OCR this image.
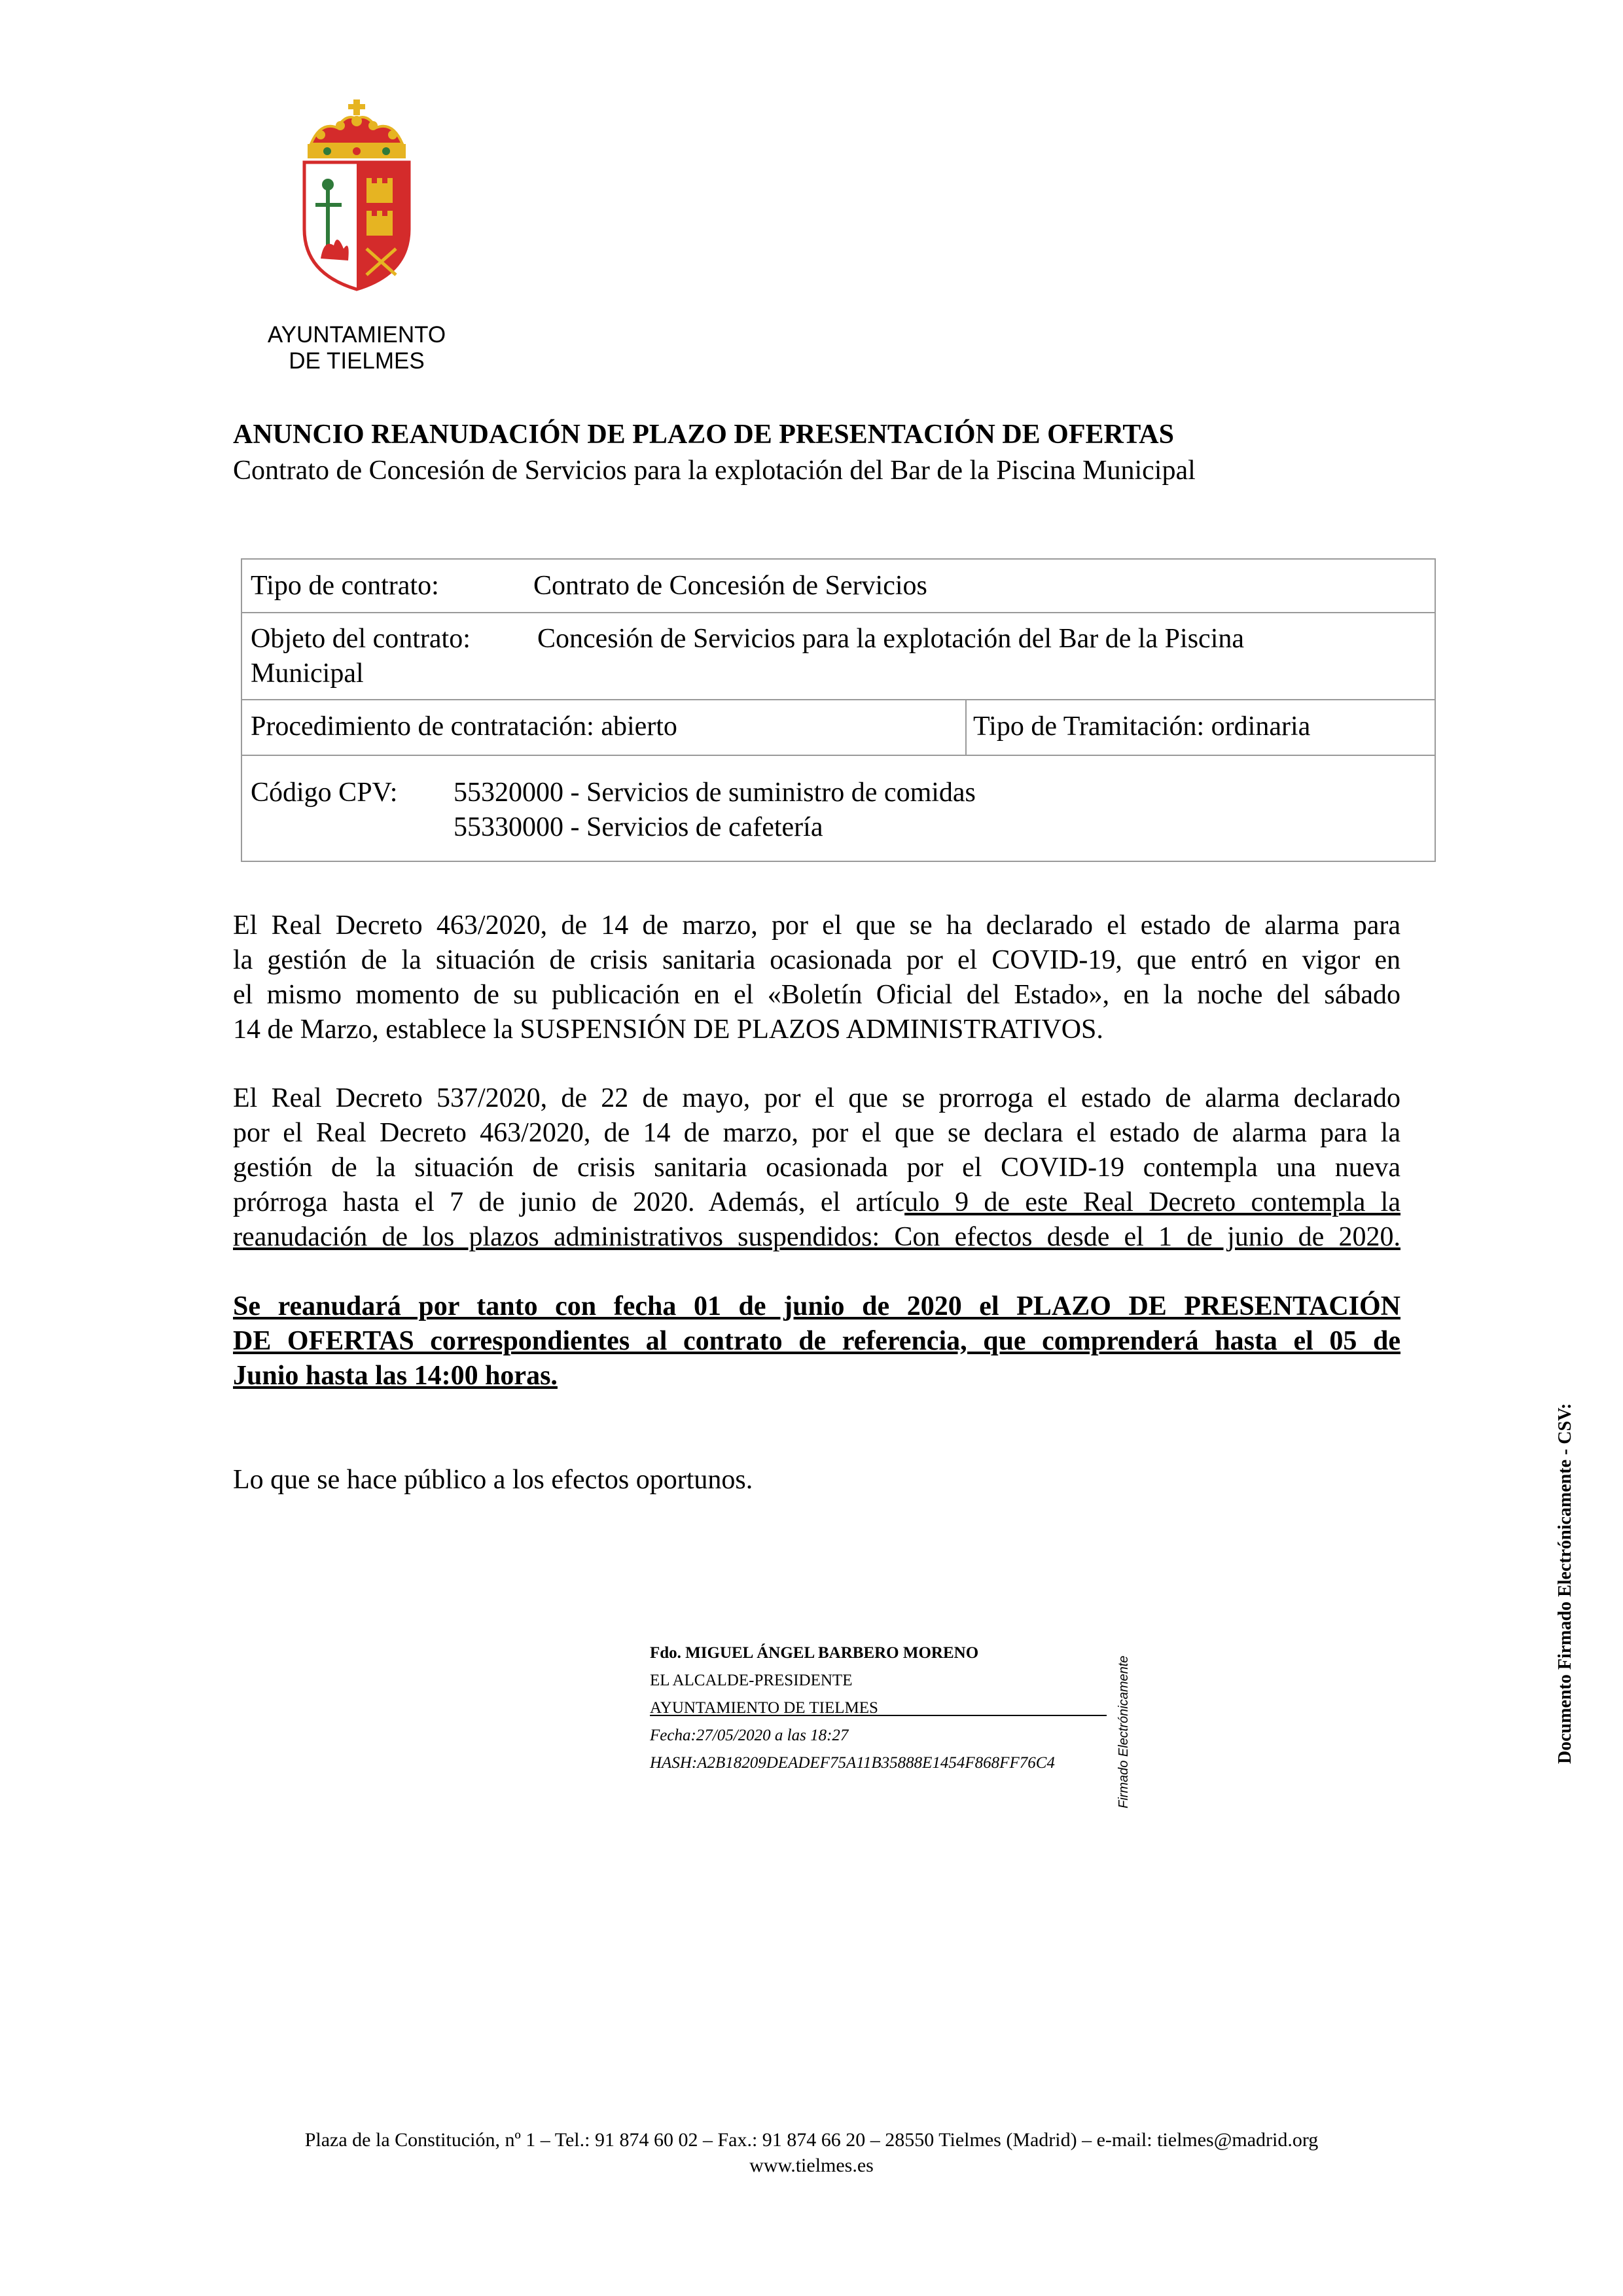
AYUNTAMIENTO
DE TIELMES
ANUNCIO REANUDACIÓN DE PLAZO DE PRESENTACIÓN DE OFERTAS
Contrato de Concesión de Servicios para la explotación del Bar de la Piscina Municipal
Tipo de contrato:	Contrato de Concesión de Servicios
Objeto del contrato: Concesión de Servicios para la explotación del Bar de la Piscina
Municipal
Procedimiento de contratación: abierto	Tipo de Tramitación: ordinaria
Código CPV: 55320000 - Servicios de suministro de comidas
55330000 - Servicios de cafetería
El Real Decreto 463/2020, de 14 de marzo, por el que se ha declarado el estado de alarma para
la gestión de la situación de crisis sanitaria ocasionada por el COVID-19, que entró en vigor en
el mismo momento de su publicación en el «Boletín Oficial del Estado», en la noche del sábado
14 de Marzo, establece la SUSPENSIÓN DE PLAZOS ADMINISTRATIVOS.
El Real Decreto 537/2020, de 22 de mayo, por el que se prorroga el estado de alarma declarado
por el Real Decreto 463/2020, de 14 de marzo, por el que se declara el estado de alarma para la
gestión de la situación de crisis sanitaria ocasionada por el COVID-19 contempla una nueva
prórroga hasta el 7 de junio de 2020. Además, el artículo 9 de este Real Decreto contempla la
reanudación de los plazos administrativos suspendidos: Con efectos desde el 1 de junio de 2020.
Se reanudará por tanto con fecha 01 de junio de 2020 el PLAZO DE PRESENTACIÓN
DE OFERTAS correspondientes al contrato de referencia, que comprenderá hasta el 05 de
Junio hasta las 14:00 horas.
Lo que se hace público a los efectos oportunos.
Fdo. MIGUEL ÁNGEL BARBERO MORENO
EL ALCALDE-PRESIDENTE
AYUNTAMIENTO DE TIELMES
Fecha:27/05/2020 a las 18:27
HASH:A2B18209DEADEF75A11B35888E1454F868FF76C4	Firmado Electrónicamente	Documento Firmado Electrónicamente - CSV:

Plaza de la Constitución, nº 1 – Tel.: 91 874 60 02 – Fax.: 91 874 66 20 – 28550 Tielmes (Madrid) – e-mail: tielmes@madrid.org
www.tielmes.es
